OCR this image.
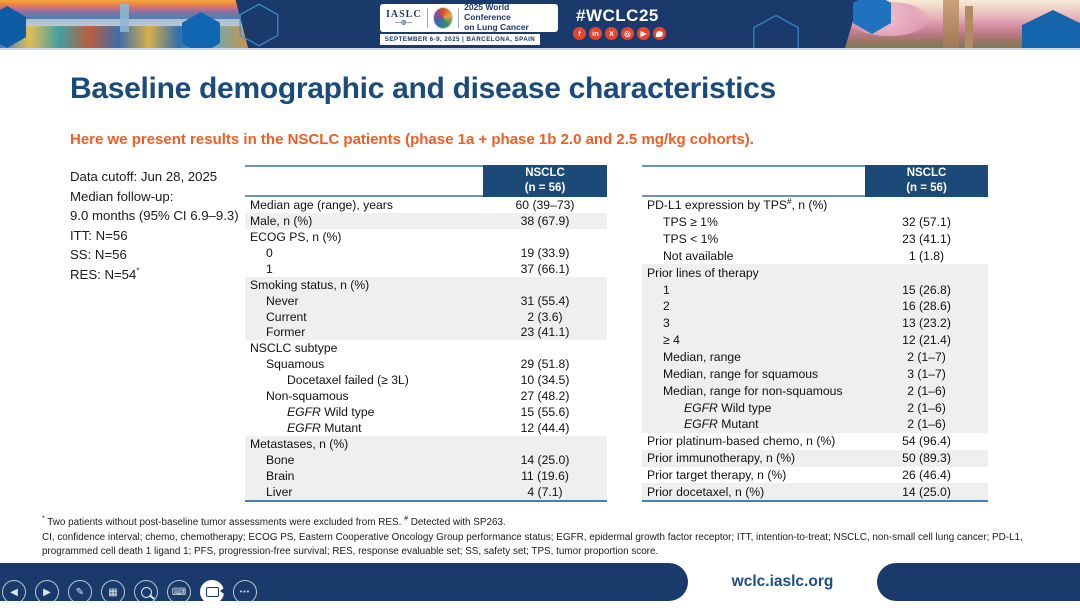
IASLC
—◎—
2025 World Conference
on Lung Cancer
SEPTEMBER 6-9, 2025 | BARCELONA, SPAIN
#WCLC25
f	in	X	◎	▶
Baseline demographic and disease characteristics
Here we present results in the NSCLC patients (phase 1a + phase 1b 2.0 and 2.5 mg/kg cohorts).
Data cutoff: Jun 28, 2025
Median follow-up:
9.0 months (95% CI 6.9–9.3)
ITT: N=56
SS: N=56
RES: N=54*
NSCLC
(n = 56)
Median age (range), years	60 (39–73)
Male, n (%)	38 (67.9)
ECOG PS, n (%)
0	19 (33.9)
1	37 (66.1)
Smoking status, n (%)
Never	31 (55.4)
Current	2 (3.6)
Former	23 (41.1)
NSCLC subtype
Squamous	29 (51.8)
Docetaxel failed (≥ 3L)	10 (34.5)
Non-squamous	27 (48.2)
EGFR Wild type	15 (55.6)
EGFR Mutant	12 (44.4)
Metastases, n (%)
Bone	14 (25.0)
Brain	11 (19.6)
Liver	4 (7.1)
NSCLC
(n = 56)
PD-L1 expression by TPS#, n (%)
TPS ≥ 1%	32 (57.1)
TPS < 1%	23 (41.1)
Not available	1 (1.8)
Prior lines of therapy
1	15 (26.8)
2	16 (28.6)
3	13 (23.2)
≥ 4	12 (21.4)
Median, range	2 (1–7)
Median, range for squamous	3 (1–7)
Median, range for non-squamous	2 (1–6)
EGFR Wild type	2 (1–6)
EGFR Mutant	2 (1–6)
Prior platinum-based chemo, n (%)	54 (96.4)
Prior immunotherapy, n (%)	50 (89.3)
Prior target therapy, n (%)	26 (46.4)
Prior docetaxel, n (%)	14 (25.0)
* Two patients without post-baseline tumor assessments were excluded from RES. # Detected with SP263.
CI, confidence interval; chemo, chemotherapy; ECOG PS, Eastern Cooperative Oncology Group performance status; EGFR, epidermal growth factor receptor; ITT, intention-to-treat; NSCLC, non-small cell lung cancer; PD-L1, programmed cell death 1 ligand 1; PFS, progression-free survival; RES, response evaluable set; SS, safety set; TPS, tumor proportion score.
wclc.iaslc.org
◀	▶ ✎ ▦	⌨	•••
